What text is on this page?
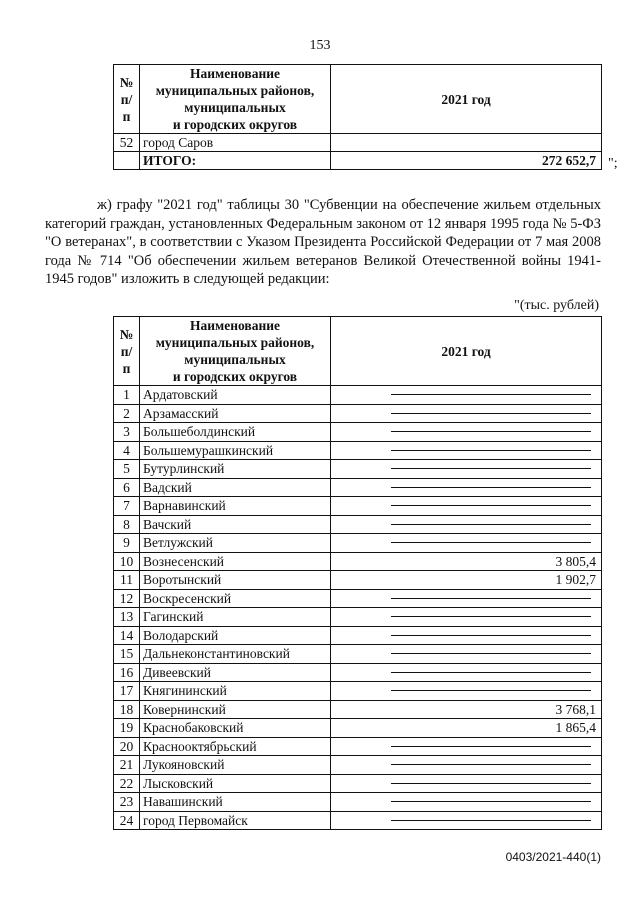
153
№ п/п	Наименование
муниципальных районов,
муниципальных
и городских округов	2021 год
52	город Саров	
	ИТОГО:	272 652,7 ";

ж) графу "2021 год" таблицы 30 "Субвенции на обеспечение жильем отдельных категорий граждан, установленных Федеральным законом от 12 января 1995 года № 5-ФЗ "О ветеранах", в соответствии с Указом Президента Российской Федерации от 7 мая 2008 года № 714 "Об обеспечении жильем ветеранов Великой Отечественной войны 1941-1945 годов" изложить в следующей редакции:

"(тыс. рублей)
№ п/п	Наименование
муниципальных районов,
муниципальных
и городских округов	2021 год
1	Ардатовский	
2	Арзамасский	
3	Большеболдинский	
4	Большемурашкинский	
5	Бутурлинский	
6	Вадский	
7	Варнавинский	
8	Вачский	
9	Ветлужский	
10	Вознесенский	3 805,4
11	Воротынский	1 902,7
12	Воскресенский	
13	Гагинский	
14	Володарский	
15	Дальнеконстантиновский	
16	Дивеевский	
17	Княгининский	
18	Ковернинский	3 768,1
19	Краснобаковский	1 865,4
20	Краснооктябрьский	
21	Лукояновский	
22	Лысковский	
23	Навашинский	
24	город Первомайск	
0403/2021-440(1)
